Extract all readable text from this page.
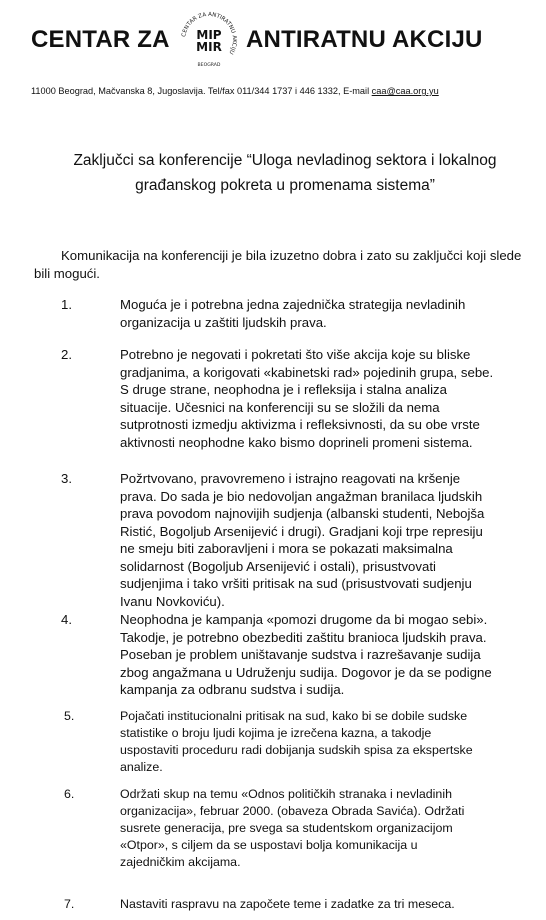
CENTAR ZA CENTAR ZA ANTIRATNU AKCIJU
BEOGRAD
MIP
MIR ANTIRATNU AKCIJU
11000 Beograd, Mačvanska 8, Jugoslavija. Tel/fax 011/344 1737 i 446 1332, E-mail caa@caa.org.yu
Zaključci sa konferencije “Uloga nevladinog sektora i lokalnog
građanskog pokreta u promenama sistema”
Komunikacija na konferenciji je bila izuzetno dobra i zato su zaključci koji slede bili mogući.
1.	Moguća je i potrebna jedna zajednička strategija nevladinih
organizacija u zaštiti ljudskih prava.
2.	Potrebno je negovati i pokretati što više akcija koje su bliske
gradjanima, a korigovati «kabinetski rad» pojedinih grupa, sebe.
S druge strane, neophodna je i refleksija i stalna analiza
situacije. Učesnici na konferenciji su se složili da nema
sutprotnosti izmedju aktivizma i refleksivnosti, da su obe vrste
aktivnosti neophodne kako bismo doprineli promeni sistema.
3.	Požrtvovano, pravovremeno i istrajno reagovati na kršenje
prava. Do sada je bio nedovoljan angažman branilaca ljudskih
prava povodom najnovijih sudjenja (albanski studenti, Nebojša
Ristić, Bogoljub Arsenijević i drugi). Gradjani koji trpe represiju
ne smeju biti zaboravljeni i mora se pokazati maksimalna
solidarnost (Bogoljub Arsenijević i ostali), prisustvovati
sudjenjima i tako vršiti pritisak na sud (prisustvovati sudjenju
Ivanu Novkoviću).
4.	Neophodna je kampanja «pomozi drugome da bi mogao sebi».
Takodje, je potrebno obezbediti zaštitu branioca ljudskih prava.
Poseban je problem uništavanje sudstva i razrešavanje sudija
zbog angažmana u Udruženju sudija. Dogovor je da se podigne
kampanja za odbranu sudstva i sudija.
5.	Pojačati institucionalni pritisak na sud, kako bi se dobile sudske
statistike o broju ljudi kojima je izrečena kazna, a takodje
uspostaviti proceduru radi dobijanja sudskih spisa za ekspertske
analize.
6.	Održati skup na temu «Odnos političkih stranaka i nevladinih
organizacija», februar 2000. (obaveza Obrada Savića). Održati
susrete generacija, pre svega sa studentskom organizacijom
«Otpor», s ciljem da se uspostavi bolja komunikacija u
zajedničkim akcijama.
7.	Nastaviti raspravu na započete teme i zadatke za tri meseca.
